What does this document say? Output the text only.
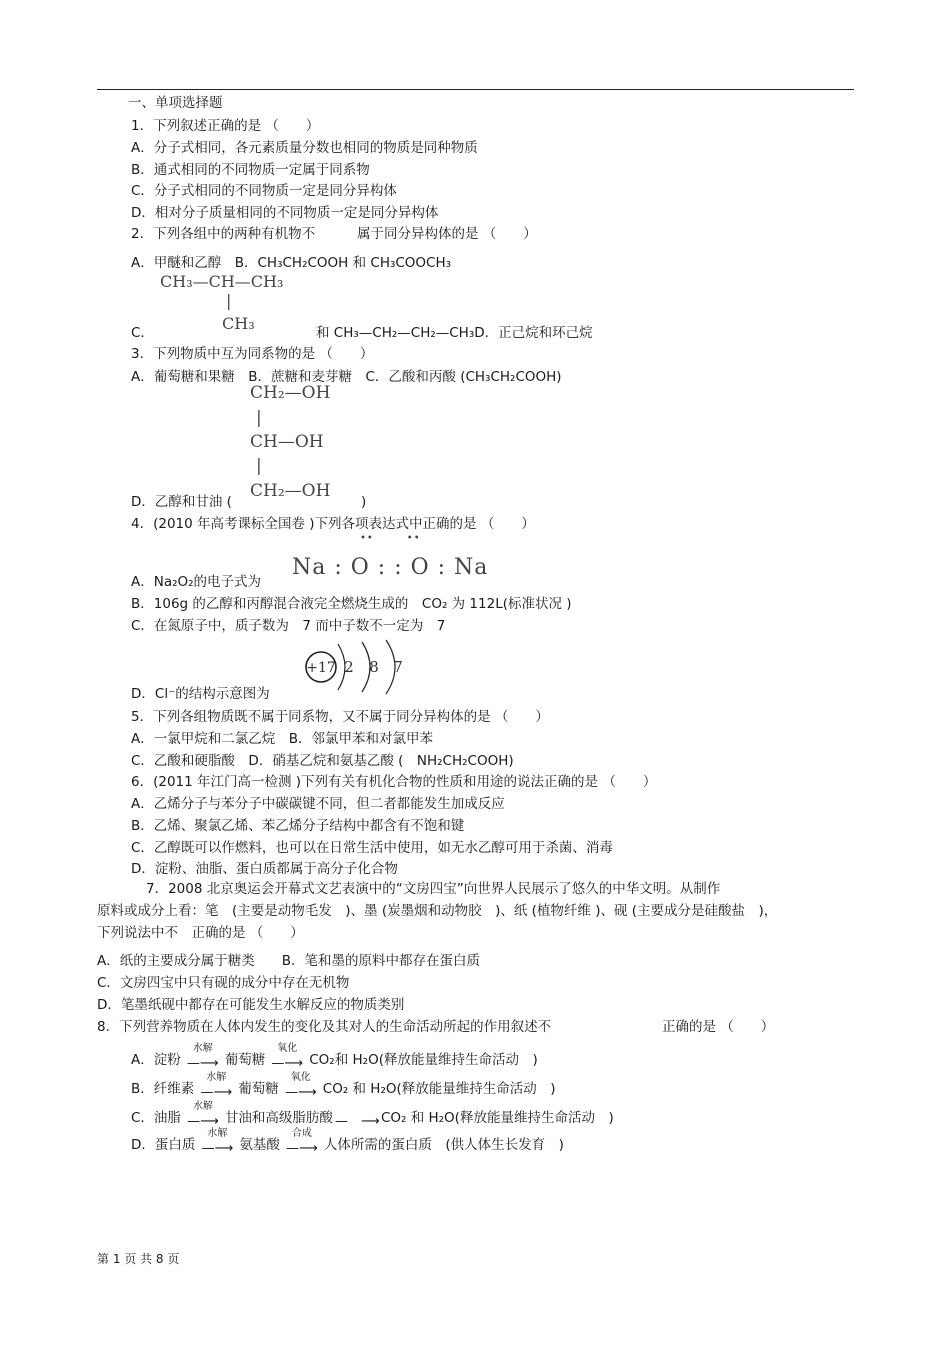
一、单项选择题
1．下列叙述正确的是 （　　）
A．分子式相同，各元素质量分数也相同的物质是同种物质
B．通式相同的不同物质一定属于同系物
C．分子式相同的不同物质一定是同分异构体
D．相对分子质量相同的不同物质一定是同分异构体
2．下列各组中的两种有机物不	属于同分异构体的是 （　　）
A．甲醚和乙醇　B．CH₃CH₂COOH 和 CH₃COOCH₃
CH₃—CH—CH₃
|
CH₃
C．	和 CH₃—CH₂—CH₂—CH₃D．正己烷和环己烷
3．下列物质中互为同系物的是 （　　）
A．葡萄糖和果糖　B．蔗糖和麦芽糖　C．乙酸和丙酸 (CH₃CH₂COOH)
CH₂—OH
|
CH—OH
|
CH₂—OH
D．乙醇和甘油 (	)
4．(2010 年高考课标全国卷 )下列各项表达式中正确的是 （　　）
••　　　••
Na : O : : O : Na
A．Na₂O₂的电子式为
B．106g 的乙醇和丙醇混合液完全燃烧生成的　CO₂ 为 112L(标准状况 )
C．在氮原子中，质子数为　7 而中子数不一定为　7
+17 2 8 7
D．Cl⁻的结构示意图为
5．下列各组物质既不属于同系物，又不属于同分异构体的是 （　　）
A．一氯甲烷和二氯乙烷　B．邻氯甲苯和对氯甲苯
C．乙酸和硬脂酸　D．硝基乙烷和氨基乙酸 (　NH₂CH₂COOH)
6．(2011 年江门高一检测 )下列有关有机化合物的性质和用途的说法正确的是 （　　）
A．乙烯分子与苯分子中碳碳键不同，但二者都能发生加成反应
B．乙烯、聚氯乙烯、苯乙烯分子结构中都含有不饱和键
C．乙醇既可以作燃料，也可以在日常生活中使用，如无水乙醇可用于杀菌、消毒
D．淀粉、油脂、蛋白质都属于高分子化合物
7．2008 北京奥运会开幕式文艺表演中的“文房四宝”向世界人民展示了悠久的中华文明。从制作
原料或成分上看：笔　(主要是动物毛发　)、墨 (炭墨烟和动物胶　)、纸 (植物纤维 )、砚 (主要成分是硅酸盐　)，
下列说法中不　正确的是 （　　）
A．纸的主要成分属于糖类　　B．笔和墨的原料中都存在蛋白质
C．文房四宝中只有砚的成分中存在无机物
D．笔墨纸砚中都存在可能发生水解反应的物质类别
8．下列营养物质在人体内发生的变化及其对人的生命活动所起的作用叙述不	正确的是 （　　）
A．淀粉
水解
—⟶ 葡萄糖
氧化
—⟶ CO₂和 H₂O(释放能量维持生命活动　)
B．纤维素
水解
—⟶ 葡萄糖
氧化
—⟶ CO₂ 和 H₂O(释放能量维持生命活动　)
C．油脂
水解
—⟶ 甘油和高级脂肪酸 —　⟶ CO₂ 和 H₂O(释放能量维持生命活动　)
D．蛋白质
水解
—⟶ 氨基酸
合成
—⟶ 人体所需的蛋白质　(供人体生长发育　)
第 1 页 共 8 页
